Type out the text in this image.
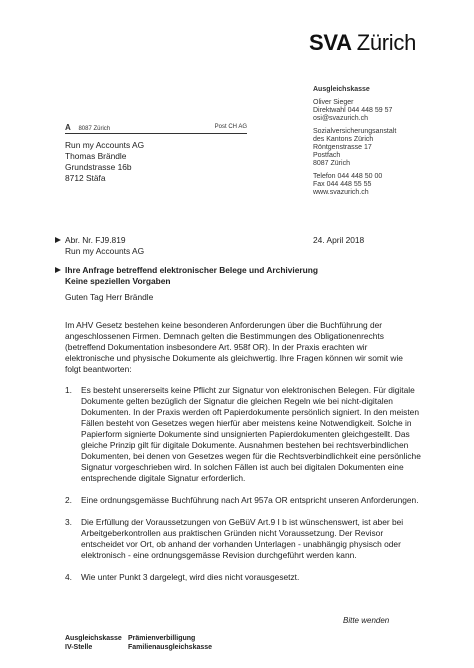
SVA Zürich
Ausgleichskasse
Oliver Sieger
Direktwahl 044 448 59 57
osi@svazurich.ch
Sozialversicherungsanstalt
des Kantons Zürich
Röntgenstrasse 17
Postfach
8087 Zürich
Telefon 044 448 50 00
Fax 044 448 55 55
www.svazurich.ch
A 8087 Zürich	Post CH AG
Run my Accounts AG
Thomas Brändle
Grundstrasse 16b
8712 Stäfa
Abr. Nr. FJ9.819
Run my Accounts AG
24. April 2018
Ihre Anfrage betreffend elektronischer Belege und Archivierung
Keine speziellen Vorgaben
Guten Tag Herr Brändle
Im AHV Gesetz bestehen keine besonderen Anforderungen über die Buchführung der angeschlossenen Firmen. Demnach gelten die Bestimmungen des Obligationenrechts (betreffend Dokumentation insbesondere Art. 958f OR). In der Praxis erachten wir elektronische und physische Dokumente als gleichwertig. Ihre Fragen können wir somit wie folgt beantworten:
1. Es besteht unsererseits keine Pflicht zur Signatur von elektronischen Belegen. Für digitale Dokumente gelten bezüglich der Signatur die gleichen Regeln wie bei nicht-digitalen Dokumenten. In der Praxis werden oft Papierdokumente persönlich signiert. In den meisten Fällen besteht von Gesetzes wegen hierfür aber meistens keine Notwendigkeit. Solche in Papierform signierte Dokumente sind unsignierten Papierdokumenten gleichgestellt. Das gleiche Prinzip gilt für digitale Dokumente. Ausnahmen bestehen bei rechtsverbindlichen Dokumenten, bei denen von Gesetzes wegen für die Rechtsverbindlichkeit eine persönliche Signatur vorgeschrieben wird. In solchen Fällen ist auch bei digitalen Dokumenten eine entsprechende digitale Signatur erforderlich.
2. Eine ordnungsgemässe Buchführung nach Art 957a OR entspricht unseren Anforderungen.
3. Die Erfüllung der Voraussetzungen von GeBüV Art.9 I b ist wünschenswert, ist aber bei Arbeitgeberkontrollen aus praktischen Gründen nicht Voraussetzung. Der Revisor entscheidet vor Ort, ob anhand der vorhanden Unterlagen - unabhängig physisch oder elektronisch - eine ordnungsgemässe Revision durchgeführt werden kann.
4. Wie unter Punkt 3 dargelegt, wird dies nicht vorausgesetzt.
Bitte wenden
Ausgleichskasse Prämienverbilligung
IV-Stelle	Familienausgleichskasse
